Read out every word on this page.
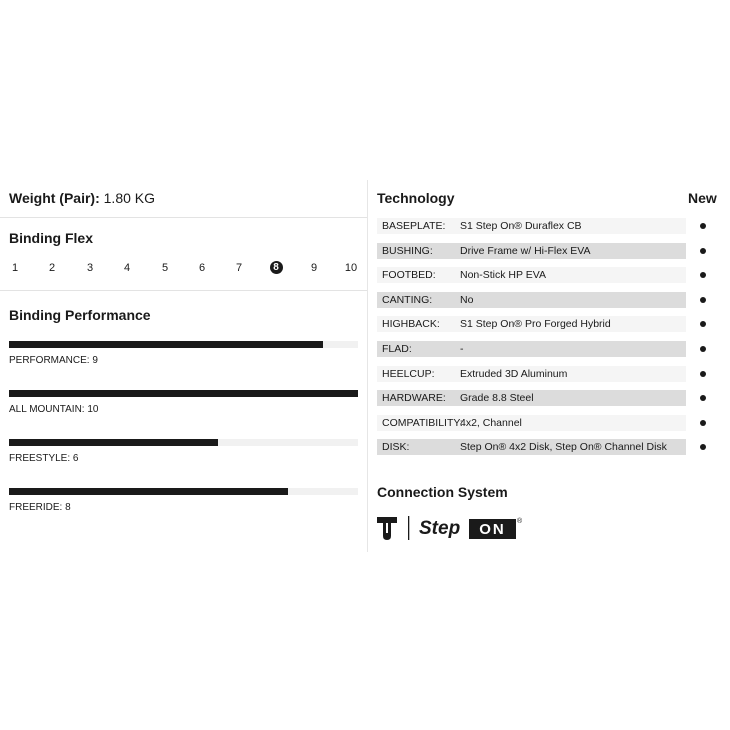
Weight (Pair): 1.80 KG
Binding Flex
1	2	3	4	5	6	7	8	9	10
Binding Performance
PERFORMANCE: 9
ALL MOUNTAIN: 10
FREESTYLE: 6
FREERIDE: 8
Technology	New
BASEPLATE: S1 Step On® Duraflex CB
BUSHING:	Drive Frame w/ Hi-Flex EVA
FOOTBED: Non-Stick HP EVA
CANTING:	No
HIGHBACK: S1 Step On® Pro Forged Hybrid
FLAD:	-
HEELCUP: Extruded 3D Aluminum
HARDWARE: Grade 8.8 Steel
COMPATIBILITY:
4x2, Channel
DISK:	Step On® 4x2 Disk, Step On® Channel Disk
Connection System
Step ON ®
